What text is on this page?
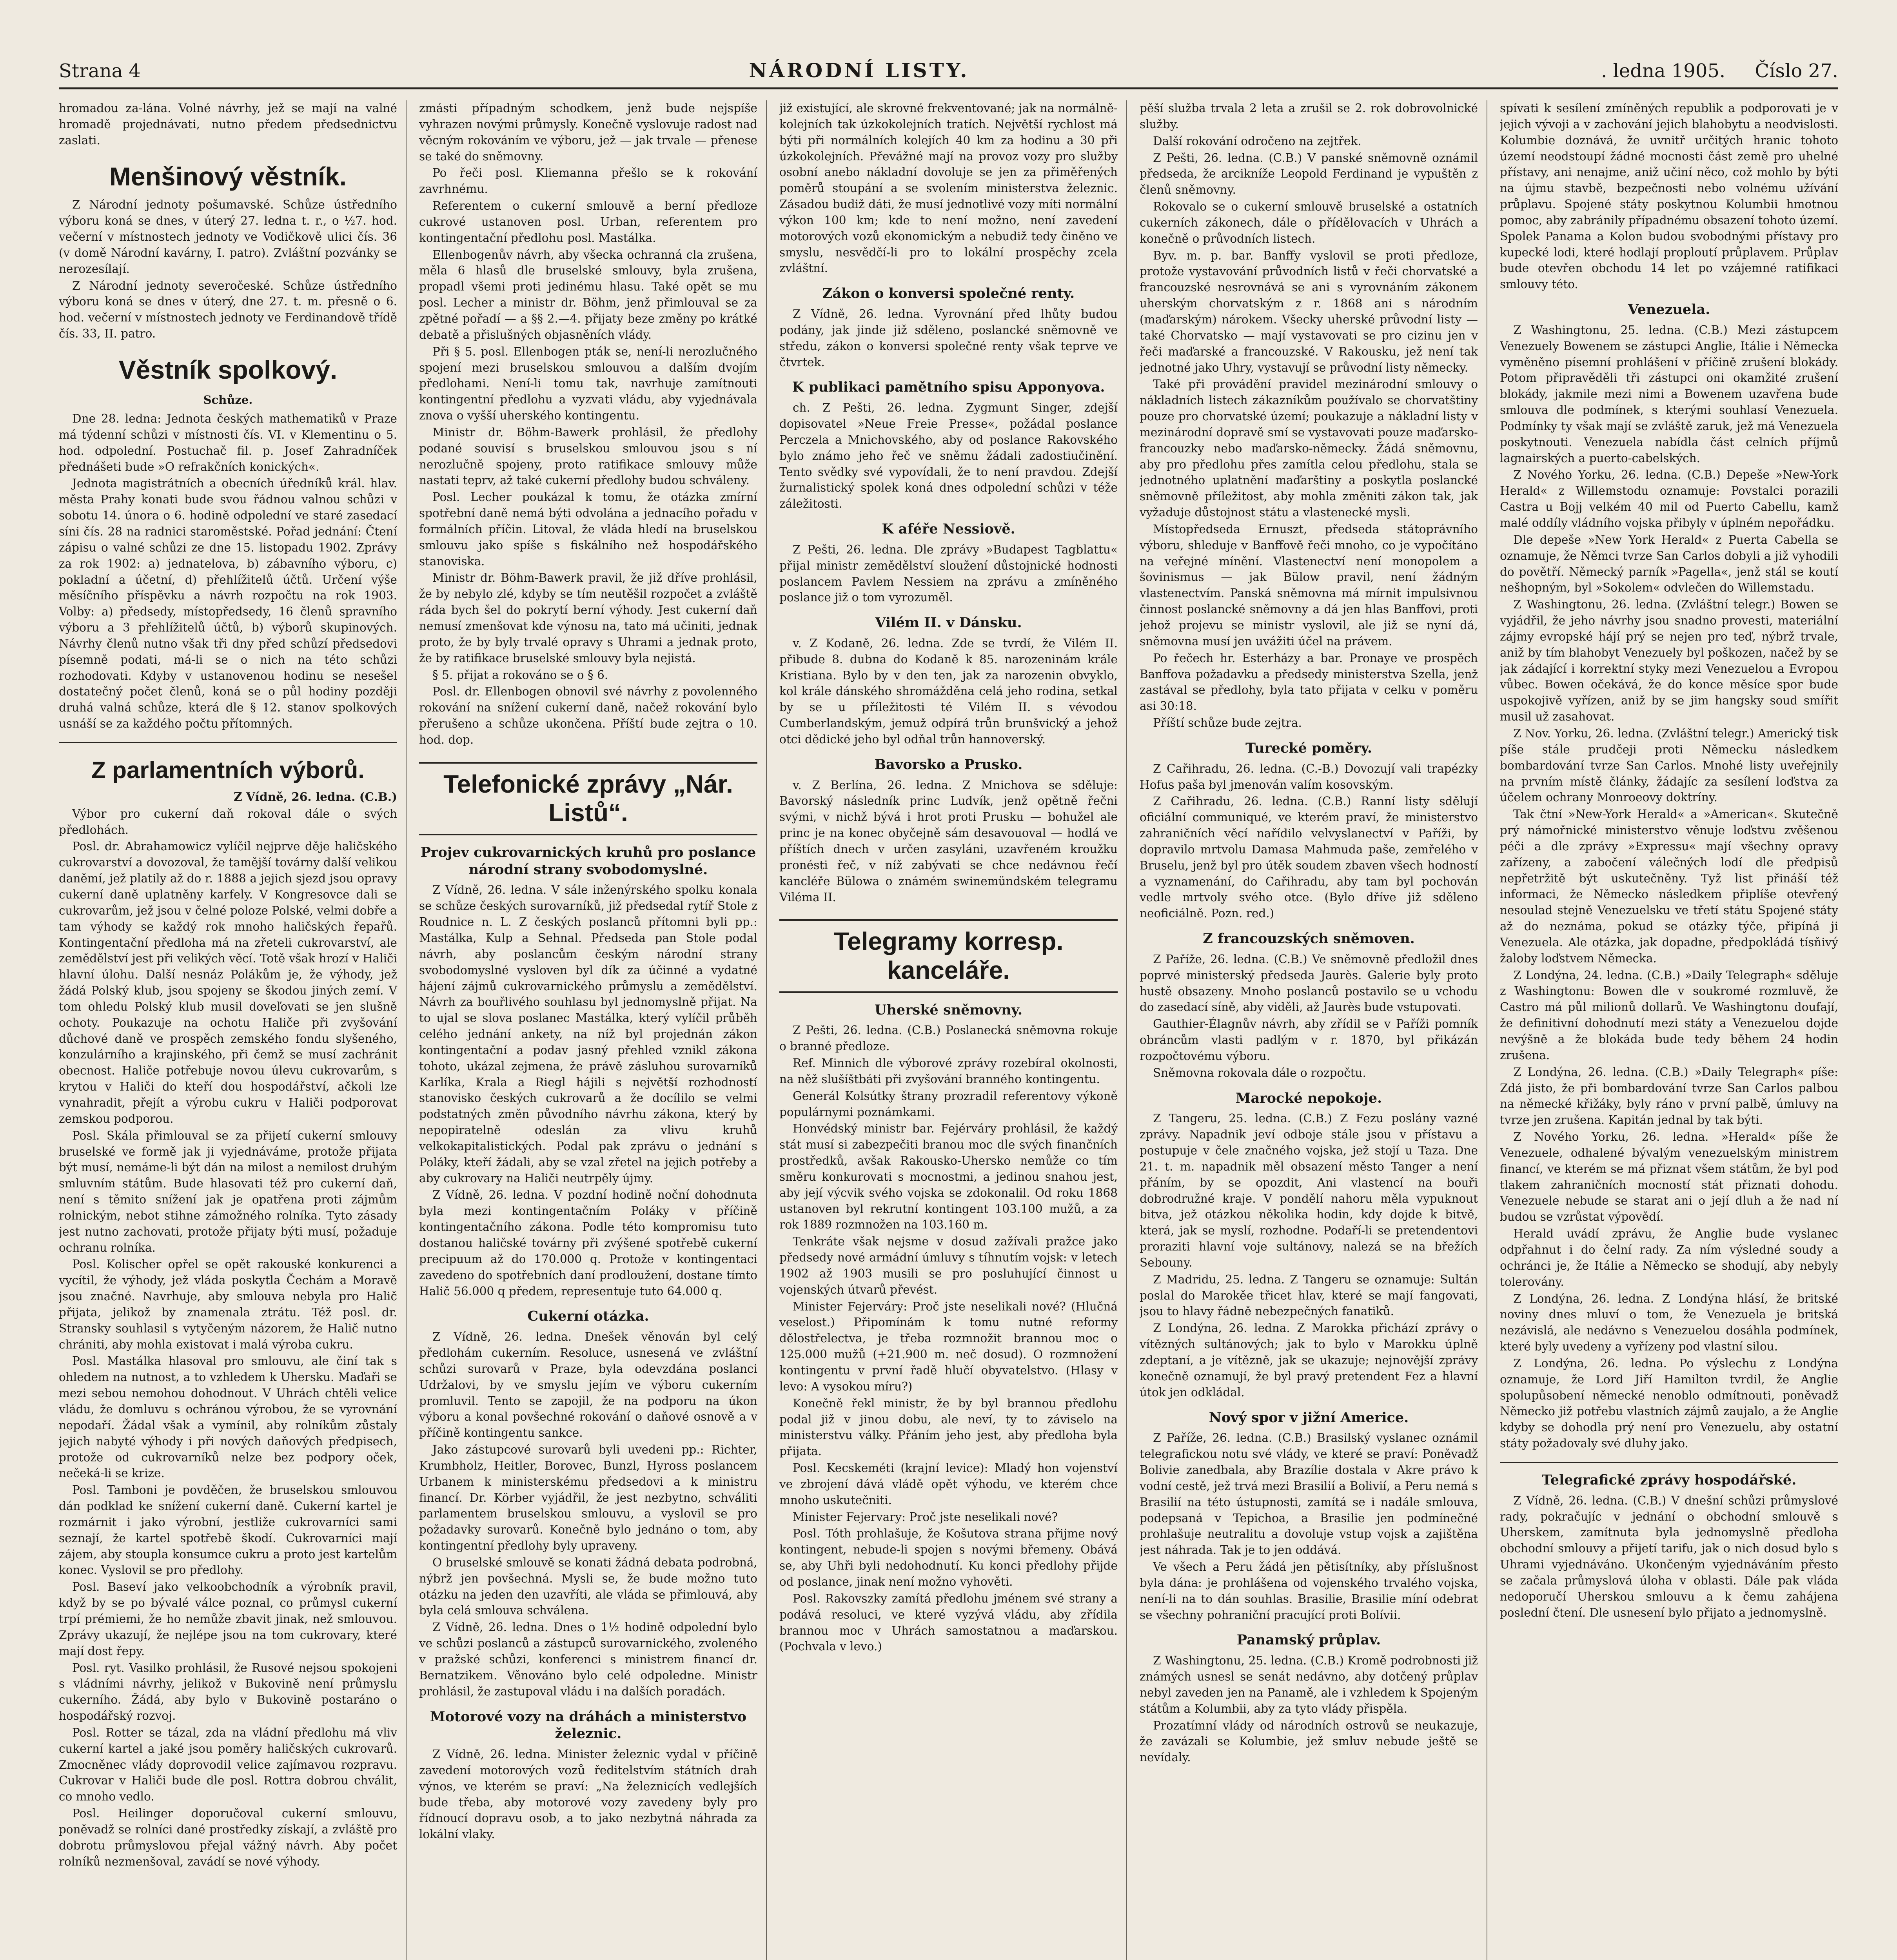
Strana 4	NÁRODNÍ LISTY.	. ledna 1905. Číslo 27.

hromadou za-lána. Volné návrhy, jež se mají na valné hromadě projednávati, nutno předem předsednictvu zaslati.

Menšinový věstník.

Z Národní jednoty pošumavské. Schůze ústředního výboru koná se dnes, v úterý 27. ledna t. r., o ½7. hod. večerní v místnostech jednoty ve Vodičkově ulici čís. 36 (v domě Národní kavárny, I. patro). Zvláštní pozvánky se nerozesílají.

Z Národní jednoty severočeské. Schůze ústředního výboru koná se dnes v úterý, dne 27. t. m. přesně o 6. hod. večerní v místnostech jednoty ve Ferdinandově třídě čís. 33, II. patro.

Věstník spolkový.
Schůze.

Dne 28. ledna: Jednota českých mathematiků v Praze má týdenní schůzi v místnosti čís. VI. v Klementinu o 5. hod. odpolední. Postuchač fil. p. Josef Zahradníček přednášeti bude »O refrakčních konických«.

Jednota magistrátních a obecních úředníků král. hlav. města Prahy konati bude svou řádnou valnou schůzi v sobotu 14. února o 6. hodině odpolední ve staré zasedací síni čís. 28 na radnici staroměstské. Pořad jednání: Čtení zápisu o valné schůzi ze dne 15. listopadu 1902. Zprávy za rok 1902: a) jednatelova, b) zábavního výboru, c) pokladní a účetní, d) přehlížitelů účtů. Určení výše měsíčního příspěvku a návrh rozpočtu na rok 1903. Volby: a) předsedy, místopředsedy, 16 členů spravního výboru a 3 přehlížitelů účtů, b) výborů skupinových. Návrhy členů nutno však tři dny před schůzí předsedovi písemně podati, má-li se o nich na této schůzi rozhodovati. Kdyby v ustanovenou hodinu se nesešel dostatečný počet členů, koná se o půl hodiny později druhá valná schůze, která dle § 12. stanov spolkových usnáší se za každého počtu přítomných.

Z parlamentních výborů.

Z Vídně, 26. ledna. (C.B.)

Výbor pro cukerní daň rokoval dále o svých předlohách.

Posl. dr. Abrahamowicz vylíčil nejprve děje haličského cukrovarství a dovozoval, že tamější továrny další velikou daněmí, jež platily až do r. 1888 a jejich sjezd jsou opravy cukerní daně uplatněny karfely. V Kongresovce dali se cukrovarům, jež jsou v čelné poloze Polské, velmi dobře a tam výhody se každý rok mnoho haličských řepařů. Kontingentační předloha má na zřeteli cukrovarství, ale zemědělství jest při velikých věcí. Totě však hrozí v Haliči hlavní úlohu. Další nesnáz Polákům je, že výhody, jež žádá Polský klub, jsou spojeny se škodou jiných zemí. V tom ohledu Polský klub musil doveľovati se jen slušně ochoty. Poukazuje na ochotu Haliče při zvyšování důchové daně ve prospěch zemského fondu slyšeného, konzulárního a krajinského, při čemž se musí zachránit obecnost. Haliče potřebuje novou úlevu cukrovarům, s krytou v Haliči do kteří dou hospodářství, ačkoli lze vynahradit, přejít a výrobu cukru v Haliči podporovat zemskou podporou.

Posl. Skála přimlouval se za přijetí cukerní smlouvy bruselské ve formě jak ji vyjednáváme, protože přijata být musí, nemáme-li být dán na milost a nemilost druhým smluvním státům. Bude hlasovati též pro cukerní daň, není s těmito snížení jak je opatřena proti zájmům rolnickým, nebot stihne zámožného rolníka. Tyto zásady jest nutno zachovati, protože přijaty býti musí, požaduje ochranu rolníka.

Posl. Kolischer opřel se opět rakouské konkurenci a vycítil, že výhody, jež vláda poskytla Čechám a Moravě jsou značné. Navrhuje, aby smlouva nebyla pro Halič přijata, jelikož by znamenala ztrátu. Též posl. dr. Stransky souhlasil s vytyčeným názorem, že Halič nutno chrániti, aby mohla existovat i malá výroba cukru.

Posl. Mastálka hlasoval pro smlouvu, ale činí tak s ohledem na nutnost, a to vzhledem k Uhersku. Maďaři se mezi sebou nemohou dohodnout. V Uhrách chtěli velice vládu, že domluvu s ochránou výrobou, že se vyrovnání nepodaří. Žádal však a vymínil, aby rolníkům zůstaly jejich nabyté výhody i při nových daňových předpisech, protože od cukrovarníků nelze bez podpory oček, nečeká-li se krize.

Posl. Tamboni je povděčen, že bruselskou smlouvou dán podklad ke snížení cukerní daně. Cukerní kartel je rozmárnit i jako výrobní, jestliže cukrovarníci sami seznají, že kartel spotřebě škodí. Cukrovarníci mají zájem, aby stoupla konsumce cukru a proto jest kartelům konec. Vyslovil se pro předlohy.

Posl. Baseví jako velkoobchodník a výrobník pravil, když by se po bývalé válce poznal, co průmysl cukerní trpí prémiemi, že ho nemůže zbavit jinak, než smlouvou. Zprávy ukazují, že nejlépe jsou na tom cukrovary, které mají dost řepy.

Posl. ryt. Vasilko prohlásil, že Rusové nejsou spokojeni s vládními návrhy, jelikož v Bukovině není průmyslu cukerního. Žádá, aby bylo v Bukovině postaráno o hospodářský rozvoj.

Posl. Rotter se tázal, zda na vládní předlohu má vliv cukerní kartel a jaké jsou poměry haličských cukrovarů. Zmocněnec vlády doprovodil velice zajímavou rozpravu. Cukrovar v Haliči bude dle posl. Rottra dobrou chválit, co mnoho vedlo.

Posl. Heilinger doporučoval cukerní smlouvu, poněvadž se rolníci dané prostředky získají, a zvláště pro dobrotu průmyslovou přejal vážný návrh. Aby počet rolníků nezmenšoval, zavádí se nové výhody.

zmásti případným schodkem, jenž bude nejspíše vyhrazen novými průmysly. Konečně vyslovuje radost nad věcným rokováním ve výboru, jež — jak trvale — přenese se také do sněmovny.

Po řeči posl. Kliemanna přešlo se k rokování zavrhnému.

Referentem o cukerní smlouvě a berní předloze cukrové ustanoven posl. Urban, referentem pro kontingentační předlohu posl. Mastálka.

Ellenbogenův návrh, aby všecka ochranná cla zrušena, měla 6 hlasů dle bruselské smlouvy, byla zrušena, propadl všemi proti jedinému hlasu. Také opět se mu posl. Lecher a ministr dr. Böhm, jenž přimlouval se za zpětné pořadí — a §§ 2.—4. přijaty beze změny po krátké debatě a přislušných objasněních vlády.

Při § 5. posl. Ellenbogen pták se, není-li nerozlučného spojení mezi bruselskou smlouvou a dalším dvojím předlohami. Není-li tomu tak, navrhuje zamítnouti kontingentní předlohu a vyzvati vládu, aby vyjednávala znova o vyšší uherského kontingentu.

Ministr dr. Böhm-Bawerk prohlásil, že předlohy podané souvisí s bruselskou smlouvou jsou s ní nerozlučně spojeny, proto ratifikace smlouvy může nastati teprv, až také cukerní předlohy budou schváleny.

Posl. Lecher poukázal k tomu, že otázka zmírní spotřební daně nemá býti odvolána a jednacího pořadu v formálních příčin. Litoval, že vláda hledí na bruselskou smlouvu jako spíše s fiskálního než hospodářského stanoviska.

Ministr dr. Böhm-Bawerk pravil, že již dříve prohlásil, že by nebylo zlé, kdyby se tím neutěšil rozpočet a zvláště ráda bych šel do pokrytí berní výhody. Jest cukerní daň nemusí zmenšovat kde výnosu na, tato má učiniti, jednak proto, že by byly trvalé opravy s Uhrami a jednak proto, že by ratifikace bruselské smlouvy byla nejistá.

§ 5. přijat a rokováno se o § 6.

Posl. dr. Ellenbogen obnovil své návrhy z povolenného rokování na snížení cukerní daně, načež rokování bylo přerušeno a schůze ukončena. Příští bude zejtra o 10. hod. dop.

Telefonické zprávy „Nár. Listů“.
Projev cukrovarnických kruhů pro poslance národní strany svobodomyslné.

Z Vídně, 26. ledna. V sále inženýrského spolku konala se schůze českých surovarníků, již předsedal rytíř Stole z Roudnice n. L. Z českých poslanců přítomni byli pp.: Mastálka, Kulp a Sehnal. Předseda pan Stole podal návrh, aby poslancům českým národní strany svobodomyslné vysloven byl dík za účinné a vydatné hájení zájmů cukrovarnického průmyslu a zemědělství. Návrh za bouřlivého souhlasu byl jednomyslně přijat. Na to ujal se slova poslanec Mastálka, který vylíčil průběh celého jednání ankety, na níž byl projednán zákon kontingentační a podav jasný přehled vznikl zákona tohoto, ukázal zejmena, že právě zásluhou surovarníků Karlíka, Krala a Riegl hájili s největší rozhodností stanovisko českých cukrovarů a že docílilo se velmi podstatných změn původního návrhu zákona, který by nepopiratelně odeslán za vlivu kruhů velkokapitalistických. Podal pak zprávu o jednání s Poláky, kteří žádali, aby se vzal zřetel na jejich potřeby a aby cukrovary na Haliči neutrpěly újmy.

Z Vídně, 26. ledna. V pozdní hodině noční dohodnuta byla mezi kontingentačním Poláky v příčině kontingentačního zákona. Podle této kompromisu tuto dostanou haličské továrny při zvýšené spotřebě cukerní precipuum až do 170.000 q. Protože v kontingentaci zavedeno do spotřebních daní prodloužení, dostane tímto Halič 56.000 q předem, representuje tuto 64.000 q.

Cukerní otázka.

Z Vídně, 26. ledna. Dnešek věnován byl celý předlohám cukerním. Resoluce, usnesená ve zvláštní schůzi surovarů v Praze, byla odevzdána poslanci Udržalovi, by ve smyslu jejím ve výboru cukerním promluvil. Tento se zapojil, že na podporu na úkon výboru a konal povšechné rokování o daňové osnově a v příčině kontingentu sankce.

Jako zástupcové surovarů byli uvedeni pp.: Richter, Krumbholz, Heitler, Borovec, Bunzl, Hyross poslancem Urbanem k ministerskému předsedovi a k ministru financí. Dr. Körber vyjádřil, že jest nezbytno, schváliti parlamentem bruselskou smlouvu, a vyslovil se pro požadavky surovarů. Konečně bylo jednáno o tom, aby kontingentní předlohy byly upraveny.

O bruselské smlouvě se konati žádná debata podrobná, nýbrž jen povšechná. Mysli se, že bude možno tuto otázku na jeden den uzavříti, ale vláda se přimlouvá, aby byla celá smlouva schválena.

Z Vídně, 26. ledna. Dnes o 1½ hodině odpolední bylo ve schůzi poslanců a zástupců surovarnického, zvoleného v pražské schůzi, konferenci s ministrem financí dr. Bernatzikem. Věnováno bylo celé odpoledne. Ministr prohlásil, že zastupoval vládu i na dalších poradách.

Motorové vozy na dráhách a ministerstvo železnic.

Z Vídně, 26. ledna. Minister železnic vydal v příčině zavedení motorových vozů ředitelstvím státních drah výnos, ve kterém se praví: „Na železnicích vedlejších bude třeba, aby motorové vozy zavedeny byly pro řídnoucí dopravu osob, a to jako nezbytná náhrada za lokální vlaky.

již existující, ale skrovné frekventované; jak na normálně-kolejních tak úzkokolejních tratích. Největší rychlost má býti při normálních kolejích 40 km za hodinu a 30 při úzkokolejních. Převážné mají na provoz vozy pro služby osobní anebo nákladní dovoluje se jen za přiměřených poměrů stoupání a se svolením ministerstva železnic. Zásadou budiž dáti, že musí jednotlivé vozy míti normální výkon 100 km; kde to není možno, není zavedení motorových vozů ekonomickým a nebudiž tedy činěno ve smyslu, nesvědčí-li pro to lokální prospěchy zcela zvláštní.

Zákon o konversi společné renty.

Z Vídně, 26. ledna. Vyrovnání před lhůty budou podány, jak jinde již sděleno, poslancké sněmovně ve středu, zákon o konversi společné renty však teprve ve čtvrtek.

K publikaci pamětního spisu Apponyova.

ch. Z Pešti, 26. ledna. Zygmunt Singer, zdejší dopisovatel »Neue Freie Presse«, požádal poslance Perczela a Mnichovského, aby od poslance Rakovského bylo známo jeho řeč ve sněmu žádali zadostiučinění. Tento svědky své vypovídali, že to není pravdou. Zdejší žurnalistický spolek koná dnes odpolední schůzi v téže záležitosti.

K aféře Nessiově.

Z Pešti, 26. ledna. Dle zprávy »Budapest Tagblattu« přijal ministr zemědělství sloužení důstojnické hodnosti poslancem Pavlem Nessiem na zprávu a zmíněného poslance již o tom vyrozuměl.

Vilém II. v Dánsku.

v. Z Kodaně, 26. ledna. Zde se tvrdí, že Vilém II. přibude 8. dubna do Kodaně k 85. narozeninám krále Kristiana. Bylo by v den ten, jak za narozenin obvyklo, kol krále dánského shromážděna celá jeho rodina, setkal by se u příležitosti té Vilém II. s vévodou Cumberlandským, jemuž odpírá trůn brunšvický a jehož otci dědické jeho byl odňal trůn hannoverský.

Bavorsko a Prusko.

v. Z Berlína, 26. ledna. Z Mnichova se sděluje: Bavorský následník princ Ludvík, jenž opětně řečni svými, v nichž bývá i hrot proti Prusku — bohužel ale princ je na konec obyčejně sám desavouoval — hodlá ve příštích dnech v určen zasyláni, uzavřeném kroužku pronésti řeč, v níž zabývati se chce nedávnou řečí kancléře Bülowa o známém swinemündském telegramu Viléma II.

Telegramy korresp. kanceláře.
Uherské sněmovny.

Z Pešti, 26. ledna. (C.B.) Poslanecká sněmovna rokuje o branné předloze.

Ref. Minnich dle výborové zprávy rozebíral okolnosti, na něž slušíštbáti při zvyšování branného kontingentu.

Generál Kolsútky štrany prozradil referentovy výkoně populárnymi poznámkami.

Honvédský ministr bar. Fejérváry prohlásil, že každý stát musí si zabezpečiti branou moc dle svých finančních prostředků, avšak Rakousko-Uhersko nemůže co tím směru konkurovati s mocnostmi, a jedinou snahou jest, aby její výcvik svého vojska se zdokonalil. Od roku 1868 ustanoven byl rekrutní kontingent 103.100 mužů, a za rok 1889 rozmnožen na 103.160 m.

Tenkráte však nejsme v dosud zažívali pražce jako předsedy nové armádní úmluvy s tíhnutím vojsk: v letech 1902 až 1903 musili se pro posluhující činnost u vojenských útvarů převést.

Minister Fejerváry: Proč jste neselikali nové? (Hlučná veselost.) Připomínám k tomu nutné reformy dělostřelectva, je třeba rozmnožit brannou moc o 125.000 mužů (+21.900 m. neč dosud). O rozmnožení kontingentu v první řadě hlučí obyvatelstvo. (Hlasy v levo: A vysokou míru?)

Konečně řekl ministr, že by byl brannou předlohu podal již v jinou dobu, ale neví, ty to záviselo na ministerstvu války. Přáním jeho jest, aby předloha byla přijata.

Posl. Kecskeméti (krajní levice): Mladý hon vojenství ve zbrojení dává vládě opět výhodu, ve kterém chce mnoho uskutečniti.

Minister Fejervary: Proč jste neselikali nové?

Posl. Tóth prohlašuje, že Košutova strana přijme nový kontingent, nebude-li spojen s novými břemeny. Obává se, aby Uhři byli nedohodnutí. Ku konci předlohy přijde od poslance, jinak není možno vyhověti.

Posl. Rakovszky zamítá předlohu jménem své strany a podává resoluci, ve které vyzývá vládu, aby zřídila brannou moc v Uhrách samostatnou a maďarskou. (Pochvala v levo.)

pěší služba trvala 2 leta a zrušil se 2. rok dobrovolnické služby.

Další rokování odročeno na zejtřek.

Z Pešti, 26. ledna. (C.B.) V panské sněmovně oznámil předseda, že arcikníže Leopold Ferdinand je vypuštěn z členů sněmovny.

Rokovalo se o cukerní smlouvě bruselské a ostatních cukerních zákonech, dále o přídělovacích v Uhrách a konečně o průvodních listech.

Byv. m. p. bar. Banffy vyslovil se proti předloze, protože vystavování průvodních listů v řeči chorvatské a francouzské nesrovnává se ani s vyrovnáním zákonem uherským chorvatským z r. 1868 ani s národním (maďarským) nárokem. Všecky uherské průvodní listy — také Chorvatsko — mají vystavovati se pro cizinu jen v řeči maďarské a francouzské. V Rakousku, jež není tak jednotné jako Uhry, vystavují se průvodní listy německy.

Také při provádění pravidel mezinárodní smlouvy o nákladních listech zákazníkům používalo se chorvatštiny pouze pro chorvatské území; poukazuje a nákladní listy v mezinárodní dopravě smí se vystavovati pouze maďarsko-francouzky nebo maďarsko-německy. Žádá sněmovnu, aby pro předlohu přes zamítla celou předlohu, stala se jednotného uplatnění maďarštiny a poskytla poslancké sněmovně příležitost, aby mohla změniti zákon tak, jak vyžaduje důstojnost státu a vlastenecké mysli.

Místopředseda Ernuszt, předseda státoprávního výboru, shleduje v Banffově řeči mnoho, co je vypočítáno na veřejné mínění. Vlastenectví není monopolem a šovinismus — jak Bülow pravil, není žádným vlastenectvím. Panská sněmovna má mírnit impulsivnou činnost poslancké sněmovny a dá jen hlas Banffovi, proti jehož projevu se ministr vyslovil, ale již se nyní dá, sněmovna musí jen uvážiti účel na právem.

Po řečech hr. Esterházy a bar. Pronaye ve prospěch Banffova požadavku a předsedy ministerstva Szella, jenž zastával se předlohy, byla tato přijata v celku v poměru asi 30:18.

Příští schůze bude zejtra.

Turecké poměry.

Z Cařihradu, 26. ledna. (C.-B.) Dovozují vali trapézky Hofus paša byl jmenován valím kosovským.

Z Cařihradu, 26. ledna. (C.B.) Ranní listy sdělují oficiální communiqué, ve kterém praví, že ministerstvo zahraničních věcí nařídilo velvyslanectví v Paříži, by dopravilo mrtvolu Damasa Mahmuda paše, zemřelého v Bruselu, jenž byl pro útěk soudem zbaven všech hodností a vyznamenání, do Cařihradu, aby tam byl pochován vedle mrtvoly svého otce. (Bylo dříve již sděleno neoficiálně. Pozn. red.)

Z francouzských sněmoven.

Z Paříže, 26. ledna. (C.B.) Ve sněmovně předložil dnes poprvé ministerský předseda Jaurès. Galerie byly proto hustě obsazeny. Mnoho poslanců postavilo se u vchodu do zasedací síně, aby viděli, až Jaurès bude vstupovati.

Gauthier-Élagnův návrh, aby zřídil se v Paříži pomník obráncům vlasti padlým v r. 1870, byl přikázán rozpočtovému výboru.

Sněmovna rokovala dále o rozpočtu.

Marocké nepokoje.

Z Tangeru, 25. ledna. (C.B.) Z Fezu poslány vazné zprávy. Napadnik jeví odboje stále jsou v přístavu a postupuje v čele značného vojska, jež stojí u Taza. Dne 21. t. m. napadnik měl obsazení město Tanger a není přáním, by se opozdit, Ani vlastencí na bouři dobrodružné kraje. V pondělí nahoru měla vypuknout bitva, jež otázkou několika hodin, kdy dojde k bitvě, která, jak se myslí, rozhodne. Podaří-li se pretendentovi proraziti hlavní voje sultánovy, nalezá se na břežích Sebouny.

Z Madridu, 25. ledna. Z Tangeru se oznamuje: Sultán poslal do Marokěe třicet hlav, které se mají fangovati, jsou to hlavy řádně nebezpečných fanatiků.

Z Londýna, 26. ledna. Z Marokka přichází zprávy o vítězných sultánových; jak to bylo v Marokku úplně zdeptaní, a je vítězně, jak se ukazuje; nejnovější zprávy konečně oznamují, že byl pravý pretendent Fez a hlavní útok jen odkládal.

Nový spor v jižní Americe.

Z Paříže, 26. ledna. (C.B.) Brasilský vyslanec oznámil telegrafickou notu své vlády, ve které se praví: Poněvadž Bolivie zanedbala, aby Brazílie dostala v Akre právo k vodní cestě, jež trvá mezi Brasilií a Bolivií, a Peru nemá s Brasilií na této ústupnosti, zamítá se i nadále smlouva, podepsaná v Tepichoa, a Brasilie jen podmínečné prohlašuje neutralitu a dovoluje vstup vojsk a zajištěna jest náhrada. Tak je to jen oddává.

Ve všech a Peru žádá jen pětisítníky, aby příslušnost byla dána: je prohlášena od vojenského trvalého vojska, není-li na to dán souhlas. Brasilie, Brasilie míní odebrat se všechny pohraniční pracující proti Bolívii.

Panamský průplav.

Z Washingtonu, 25. ledna. (C.B.) Kromě podrobnosti již známých usnesl se senát nedávno, aby dotčený průplav nebyl zaveden jen na Panamě, ale i vzhledem k Spojeným státům a Kolumbii, aby za tyto vlády přispěla.

Prozatímní vlády od národních ostrovů se neukazuje, že zavázali se Kolumbie, jež smluv nebude ještě se nevídaly.

spívati k sesílení zmíněných republik a podporovati je v jejich vývoji a v zachování jejich blahobytu a neodvislosti. Kolumbie doznává, že uvnitř určitých hranic tohoto území neodstoupí žádné mocnosti část země pro uhelné přístavy, ani nenajme, aniž učiní něco, což mohlo by býti na újmu stavbě, bezpečnosti nebo volnému užívání průplavu. Spojené státy poskytnou Kolumbii hmotnou pomoc, aby zabránily případnému obsazení tohoto území. Spolek Panama a Kolon budou svobodnými přístavy pro kupecké lodi, které hodlají proploutí průplavem. Průplav bude otevřen obchodu 14 let po vzájemné ratifikaci smlouvy této.

Venezuela.

Z Washingtonu, 25. ledna. (C.B.) Mezi zástupcem Venezuely Bowenem se zástupci Anglie, Itálie i Německa vyměněno písemní prohlášení v příčině zrušení blokády. Potom připravěděli tři zástupci oni okamžité zrušení blokády, jakmile mezi nimi a Bowenem uzavřena bude smlouva dle podmínek, s kterými souhlasí Venezuela. Podmínky ty však mají se zvláště zaruk, jež má Venezuela poskytnouti. Venezuela nabídla část celních příjmů lagnairských a puerto-cabelských.

Z Nového Yorku, 26. ledna. (C.B.) Depeše »New-York Herald« z Willemstodu oznamuje: Povstalci porazili Castra u Bojj velkém 40 mil od Puerto Cabellu, kamž malé oddíly vládního vojska přibyly v úplném nepořádku.

Dle depeše »New York Herald« z Puerta Cabella se oznamuje, že Němci tvrze San Carlos dobyli a již vyhodili do povětří. Německý parník »Pagella«, jenž stál se koutí nešhopným, byl »Sokolem« odvlečen do Willemstadu.

Z Washingtonu, 26. ledna. (Zvláštní telegr.) Bowen se vyjádřil, že jeho návrhy jsou snadno provesti, materiální zájmy evropské hájí prý se nejen pro teď, nýbrž trvale, aniž by tím blahobyt Venezuely byl poškozen, načež by se jak zádající i korrektní styky mezi Venezuelou a Evropou vůbec. Bowen očekává, že do konce měsíce spor bude uspokojivě vyřízen, aniž by se jim hangsky soud smířit musil už zasahovat.

Z Nov. Yorku, 26. ledna. (Zvláštní telegr.) Americký tisk píše stále prudčeji proti Německu následkem bombardování tvrze San Carlos. Mnohé listy uveřejnily na prvním místě články, žádajíc za sesílení loďstva za účelem ochrany Monroeovy doktríny.

Tak čtní »New-York Herald« a »American«. Skutečně prý námořnické ministerstvo věnuje loďstvu zvěšenou péči a dle zprávy »Expressu« mají všechny opravy zařízeny, a zabočení válečných lodí dle předpisů nepřetržitě být uskutečněny. Tyž list přináší též informaci, že Německo následkem připlíše otevřený nesoulad stejně Venezuelsku ve třetí státu Spojené státy až do neznáma, pokud se otázky týče, připíná ji Venezuela. Ale otázka, jak dopadne, předpokládá tísňivý žaloby loďstvem Německa.

Z Londýna, 24. ledna. (C.B.) »Daily Telegraph« sděluje z Washingtonu: Bowen dle v soukromé rozmluvě, že Castro má půl milionů dollarů. Ve Washingtonu doufají, že definitivní dohodnutí mezi státy a Venezuelou dojde nevýšně a že blokáda bude tedy během 24 hodin zrušena.

Z Londýna, 26. ledna. (C.B.) »Daily Telegraph« píše: Zdá jisto, že při bombardování tvrze San Carlos palbou na německé křižáky, byly ráno v první palbě, úmluvy na tvrze jen zrušena. Kapitán jednal by tak býti.

Z Nového Yorku, 26. ledna. »Herald« píše že Venezuele, odhalené bývalým venezuelským ministrem financí, ve kterém se má přiznat všem státům, že byl pod tlakem zahraničních mocností stát přiznati dohodu. Venezuele nebude se starat ani o její dluh a že nad ní budou se vzrůstat výpovědí.

Herald uvádí zprávu, že Anglie bude vyslanec odpřahnut i do čelní rady. Za ním výsledné soudy a ochránci je, že Itálie a Německo se shodují, aby nebyly tolerovány.

Z Londýna, 26. ledna. Z Londýna hlásí, že britské noviny dnes mluví o tom, že Venezuela je britská nezávislá, ale nedávno s Venezuelou dosáhla podmínek, které byly uvedeny a vyřízeny pod vlastní silou.

Z Londýna, 26. ledna. Po výslechu z Londýna oznamuje, že Lord Jiří Hamilton tvrdil, že Anglie spolupůsobení německé nenoblo odmítnouti, poněvadž Německo již potřebu vlastních zájmů zaujalo, a že Anglie kdyby se dohodla prý není pro Venezuelu, aby ostatní státy požadovaly své dluhy jako.

Telegrafické zprávy hospodářské.

Z Vídně, 26. ledna. (C.B.) V dnešní schůzi průmyslové rady, pokračujíc v jednání o obchodní smlouvě s Uherskem, zamítnuta byla jednomyslně předloha obchodní smlouvy a přijetí tarifu, jak o nich dosud bylo s Uhrami vyjednáváno. Ukončeným vyjednáváním přesto se začala průmyslová úloha v oblasti. Dále pak vláda nedoporučí Uherskou smlouvu a k čemu zahájena poslední čtení. Dle usnesení bylo přijato a jednomyslně.
